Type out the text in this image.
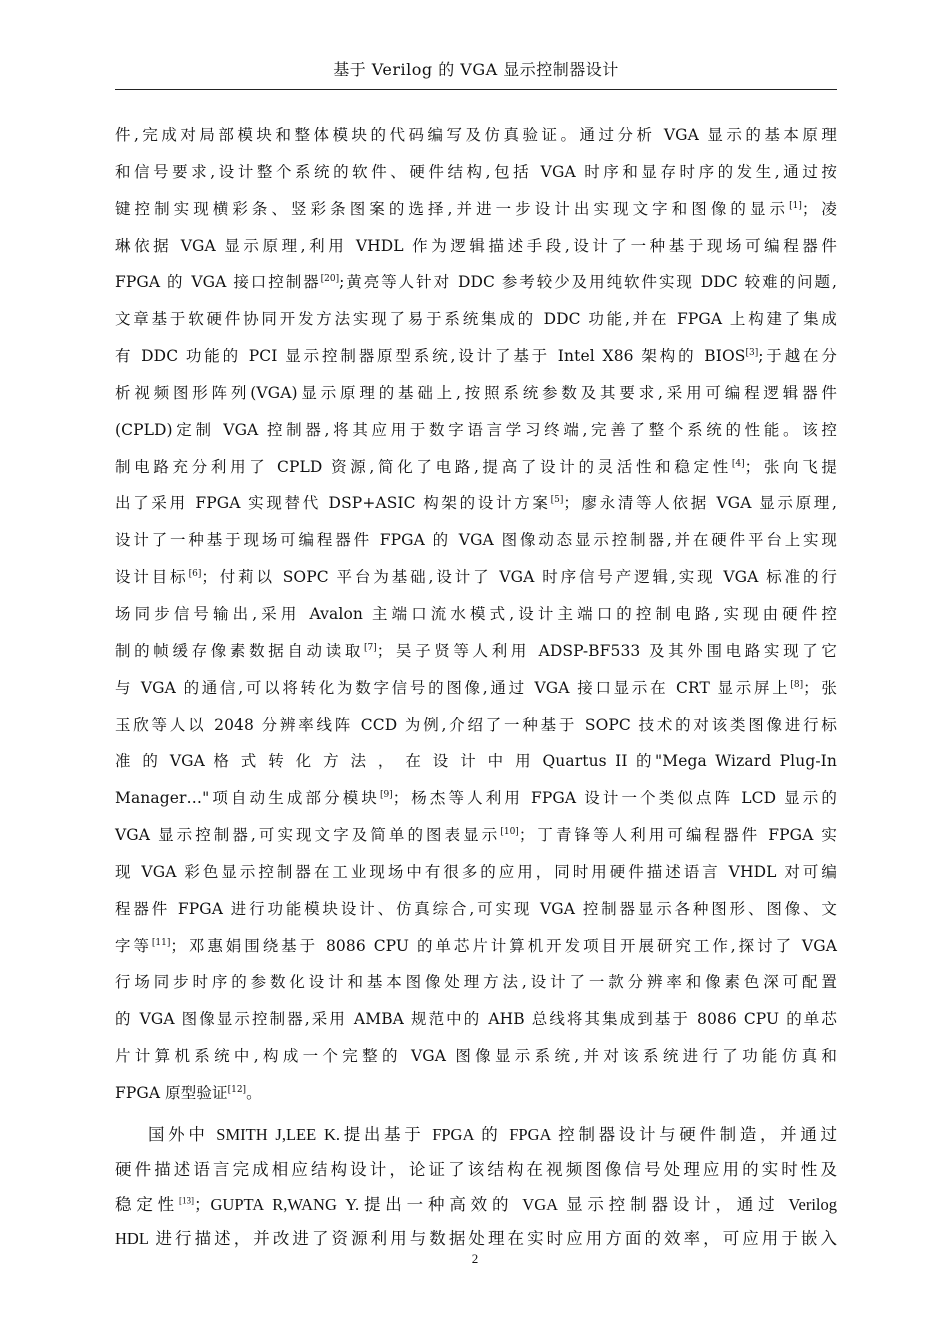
基于 Verilog 的 VGA 显示控制器设计
件,完成对局部模块和整体模块的代码编写及仿真验证。通过分析 VGA 显示的基本原理
和信号要求,设计整个系统的软件、硬件结构,包括 VGA 时序和显存时序的发生,通过按
键控制实现横彩条、竖彩条图案的选择,并进一步设计出实现文字和图像的显示[1]；凌
琳依据 VGA 显示原理,利用 VHDL 作为逻辑描述手段,设计了一种基于现场可编程器件
FPGA 的 VGA 接口控制器[20];黄亮等人针对 DDC 参考较少及用纯软件实现 DDC 较难的问题,
文章基于软硬件协同开发方法实现了易于系统集成的 DDC 功能,并在 FPGA 上构建了集成
有 DDC 功能的 PCI 显示控制器原型系统,设计了基于 Intel X86 架构的 BIOS[3];于越在分
析视频图形阵列(VGA)显示原理的基础上,按照系统参数及其要求,采用可编程逻辑器件
(CPLD)定制 VGA 控制器,将其应用于数字语言学习终端,完善了整个系统的性能。该控
制电路充分利用了 CPLD 资源,简化了电路,提高了设计的灵活性和稳定性[4]；张向飞提
出了采用 FPGA 实现替代 DSP+ASIC 构架的设计方案[5]；廖永清等人依据 VGA 显示原理,
设计了一种基于现场可编程器件 FPGA 的 VGA 图像动态显示控制器,并在硬件平台上实现
设计目标[6]；付莉以 SOPC 平台为基础,设计了 VGA 时序信号产逻辑,实现 VGA 标准的行
场同步信号输出,采用 Avalon 主端口流水模式,设计主端口的控制电路,实现由硬件控
制的帧缓存像素数据自动读取[7]；吴子贤等人利用 ADSP-BF533 及其外围电路实现了它
与 VGA 的通信,可以将转化为数字信号的图像,通过 VGA 接口显示在 CRT 显示屏上[8]；张
玉欣等人以 2048 分辨率线阵 CCD 为例,介绍了一种基于 SOPC 技术的对该类图像进行标
准 的 VGA 格 式 转 化 方 法 ， 在 设 计 中 用 Quartus II 的"Mega Wizard Plug-In
Manager…"项自动生成部分模块[9]；杨杰等人利用 FPGA 设计一个类似点阵 LCD 显示的
VGA 显示控制器,可实现文字及简单的图表显示[10]；丁青锋等人利用可编程器件 FPGA 实
现 VGA 彩色显示控制器在工业现场中有很多的应用，同时用硬件描述语言 VHDL 对可编
程器件 FPGA 进行功能模块设计、仿真综合,可实现 VGA 控制器显示各种图形、图像、文
字等[11]；邓惠娟围绕基于 8086 CPU 的单芯片计算机开发项目开展研究工作,探讨了 VGA
行场同步时序的参数化设计和基本图像处理方法,设计了一款分辨率和像素色深可配置
的 VGA 图像显示控制器,采用 AMBA 规范中的 AHB 总线将其集成到基于 8086 CPU 的单芯
片计算机系统中,构成一个完整的 VGA 图像显示系统,并对该系统进行了功能仿真和
FPGA 原型验证[12]。
国外中 SMITH J,LEE K.提出基于 FPGA 的 FPGA 控制器设计与硬件制造，并通过
硬件描述语言完成相应结构设计，论证了该结构在视频图像信号处理应用的实时性及
稳定性[13]；GUPTA R,WANG Y.提出一种高效的 VGA 显示控制器设计，通过 Verilog
HDL 进行描述，并改进了资源利用与数据处理在实时应用方面的效率，可应用于嵌入
2
